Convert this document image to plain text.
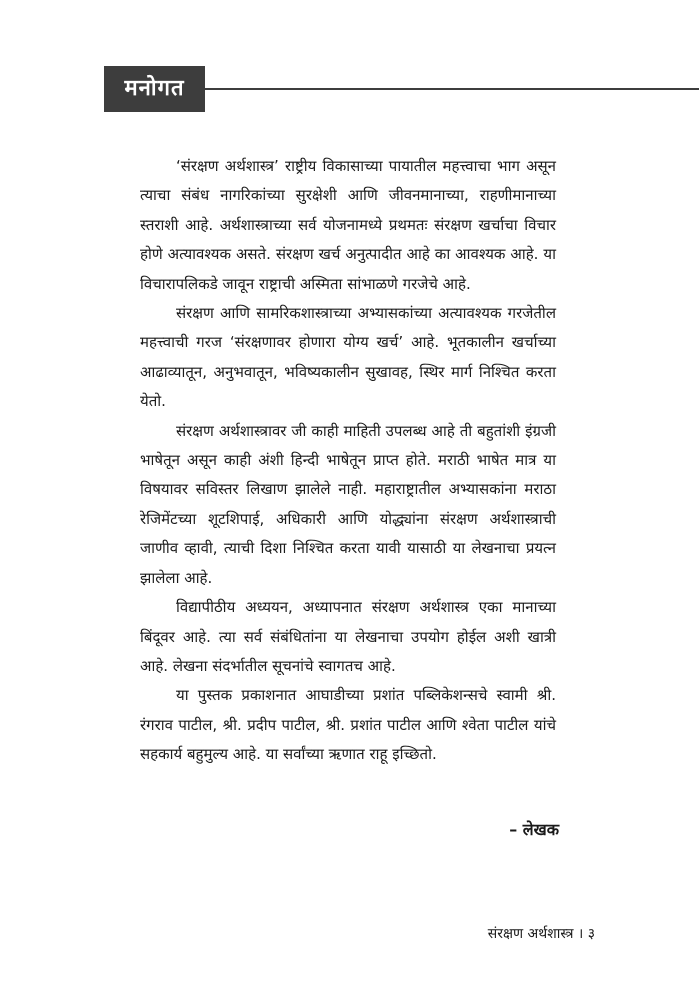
मनोगत

‘संरक्षण अर्थशास्त्र’ राष्ट्रीय विकासाच्या पायातील महत्त्वाचा भाग असून त्याचा संबंध नागरिकांच्या सुरक्षेशी आणि जीवनमानाच्या, राहणीमानाच्या स्तराशी आहे. अर्थशास्त्राच्या सर्व योजनामध्ये प्रथमतः संरक्षण खर्चाचा विचार होणे अत्यावश्यक असते. संरक्षण खर्च अनुत्पादीत आहे का आवश्यक आहे. या विचारापलिकडे जावून राष्ट्राची अस्मिता सांभाळणे गरजेचे आहे.

संरक्षण आणि सामरिकशास्त्राच्या अभ्यासकांच्या अत्यावश्यक गरजेतील महत्त्वाची गरज ‘संरक्षणावर होणारा योग्य खर्च’ आहे. भूतकालीन खर्चाच्या आढाव्यातून, अनुभवातून, भविष्यकालीन सुखावह, स्थिर मार्ग निश्चित करता येतो.

संरक्षण अर्थशास्त्रावर जी काही माहिती उपलब्ध आहे ती बहुतांशी इंग्रजी भाषेतून असून काही अंशी हिन्दी भाषेतून प्राप्त होते. मराठी भाषेत मात्र या विषयावर सविस्तर लिखाण झालेले नाही. महाराष्ट्रातील अभ्यासकांना मराठा रेजिमेंटच्या शूटशिपाई, अधिकारी आणि योद्ध्यांना संरक्षण अर्थशास्त्राची जाणीव व्हावी, त्याची दिशा निश्चित करता यावी यासाठी या लेखनाचा प्रयत्न झालेला आहे.

विद्यापीठीय अध्ययन, अध्यापनात संरक्षण अर्थशास्त्र एका मानाच्या बिंदूवर आहे. त्या सर्व संबंधितांना या लेखनाचा उपयोग होईल अशी खात्री आहे. लेखना संदर्भातील सूचनांचे स्वागतच आहे.

या पुस्तक प्रकाशनात आघाडीच्या प्रशांत पब्लिकेशन्सचे स्वामी श्री. रंगराव पाटील, श्री. प्रदीप पाटील, श्री. प्रशांत पाटील आणि श्वेता पाटील यांचे सहकार्य बहुमुल्य आहे. या सर्वांच्या ऋणात राहू इच्छितो.

– लेखक
संरक्षण अर्थशास्त्र । ३
